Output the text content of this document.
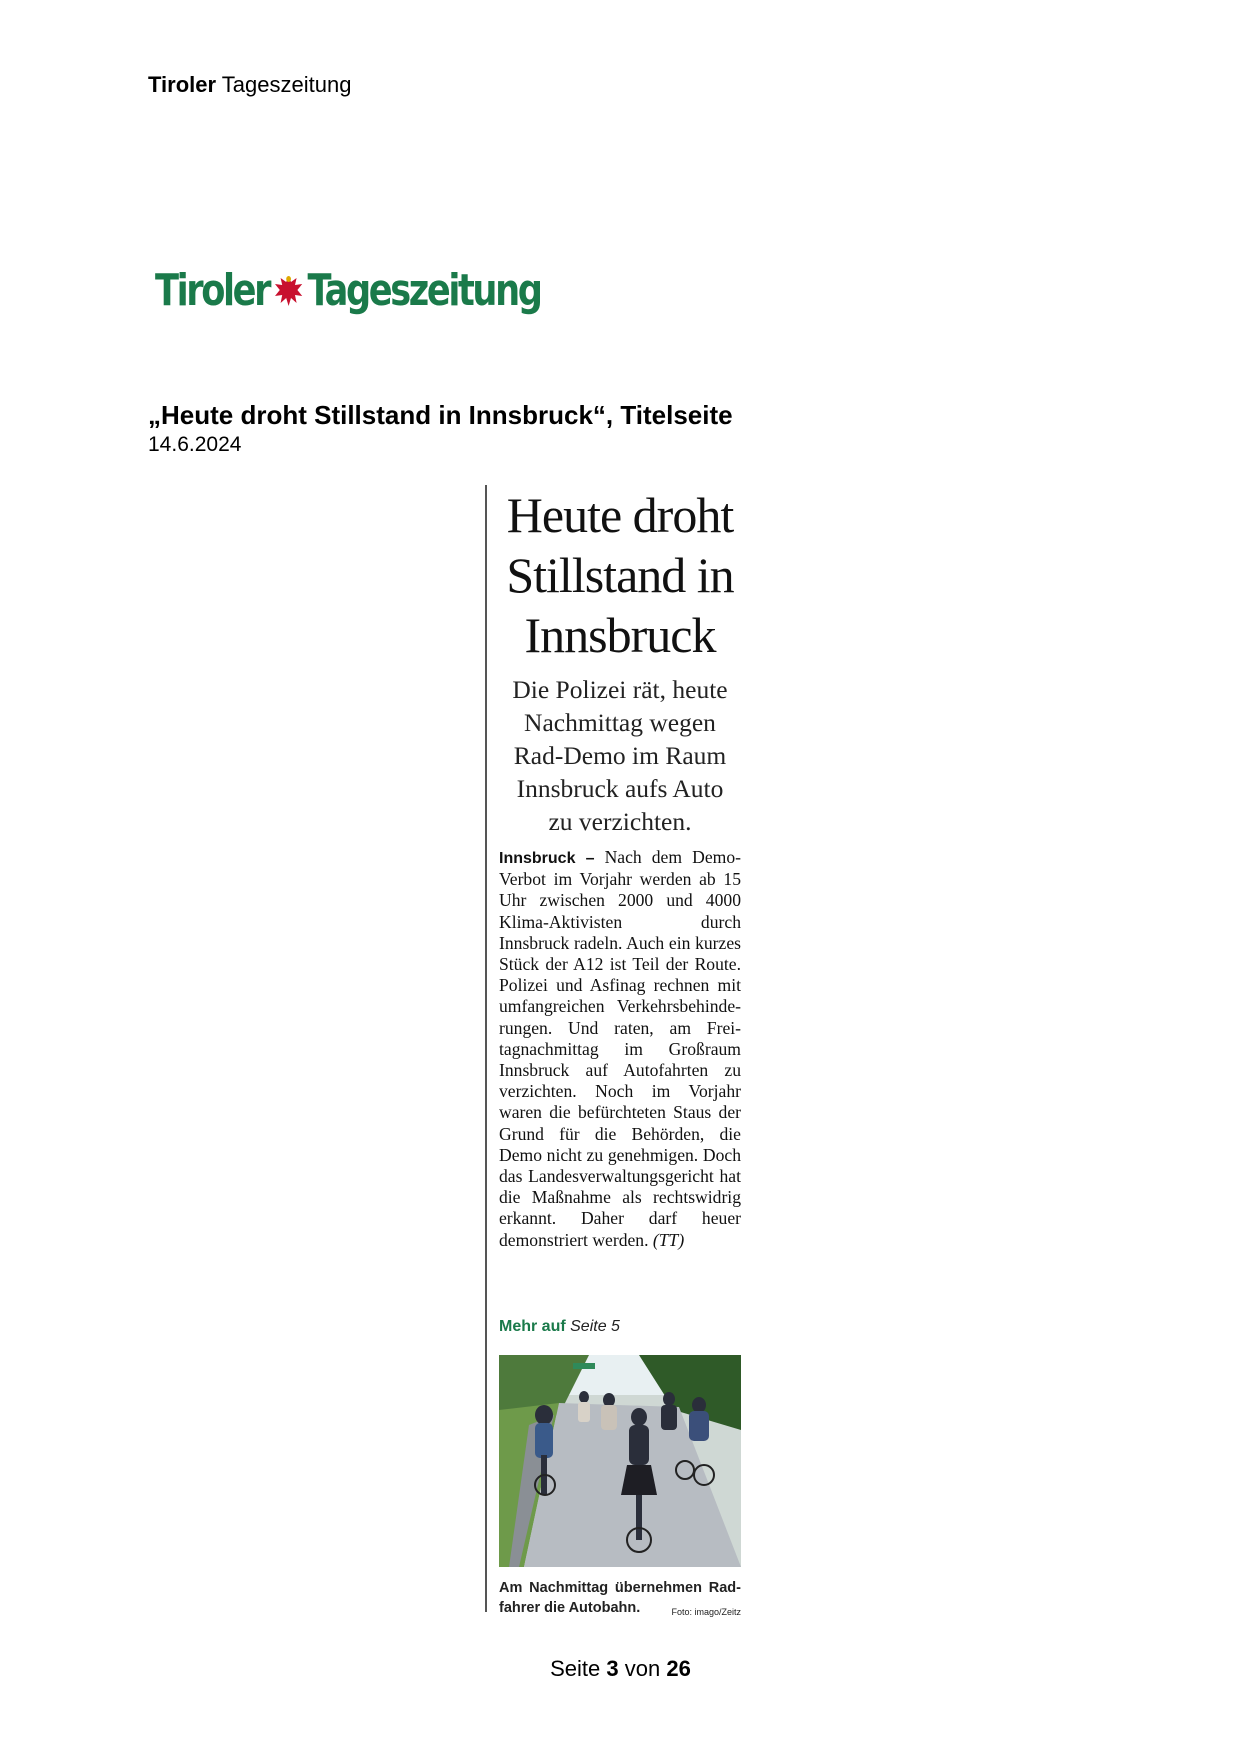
Tiroler Tageszeitung
Tiroler Tageszeitung
„Heute droht Stillstand in Innsbruck“, Titelseite
14.6.2024
Heute droht
Stillstand in
Innsbruck
Die Polizei rät, heute
Nachmittag wegen
Rad-Demo im Raum
Innsbruck aufs Auto
zu verzichten.
Innsbruck – Nach dem Demo-Verbot im Vorjahr werden ab 15 Uhr zwischen 2000 und 4000 Klima-Aktivisten durch Innsbruck radeln. Auch ein kurzes Stück der A12 ist Teil der Route. Polizei und Asfinag rechnen mit umfangreichen Verkehrsbehinderungen. Und raten, am Freitagnachmittag im Großraum Innsbruck auf Autofahrten zu verzichten. Noch im Vorjahr waren die befürchteten Staus der Grund für die Behörden, die Demo nicht zu genehmigen. Doch das Landesverwaltungsgericht hat die Maßnahme als rechtswidrig erkannt. Daher darf heuer demonstriert werden. (TT)
Mehr auf Seite 5
Am Nachmittag übernehmen Radfahrer die Autobahn.	Foto: imago/Zeitz
Seite 3 von 26
